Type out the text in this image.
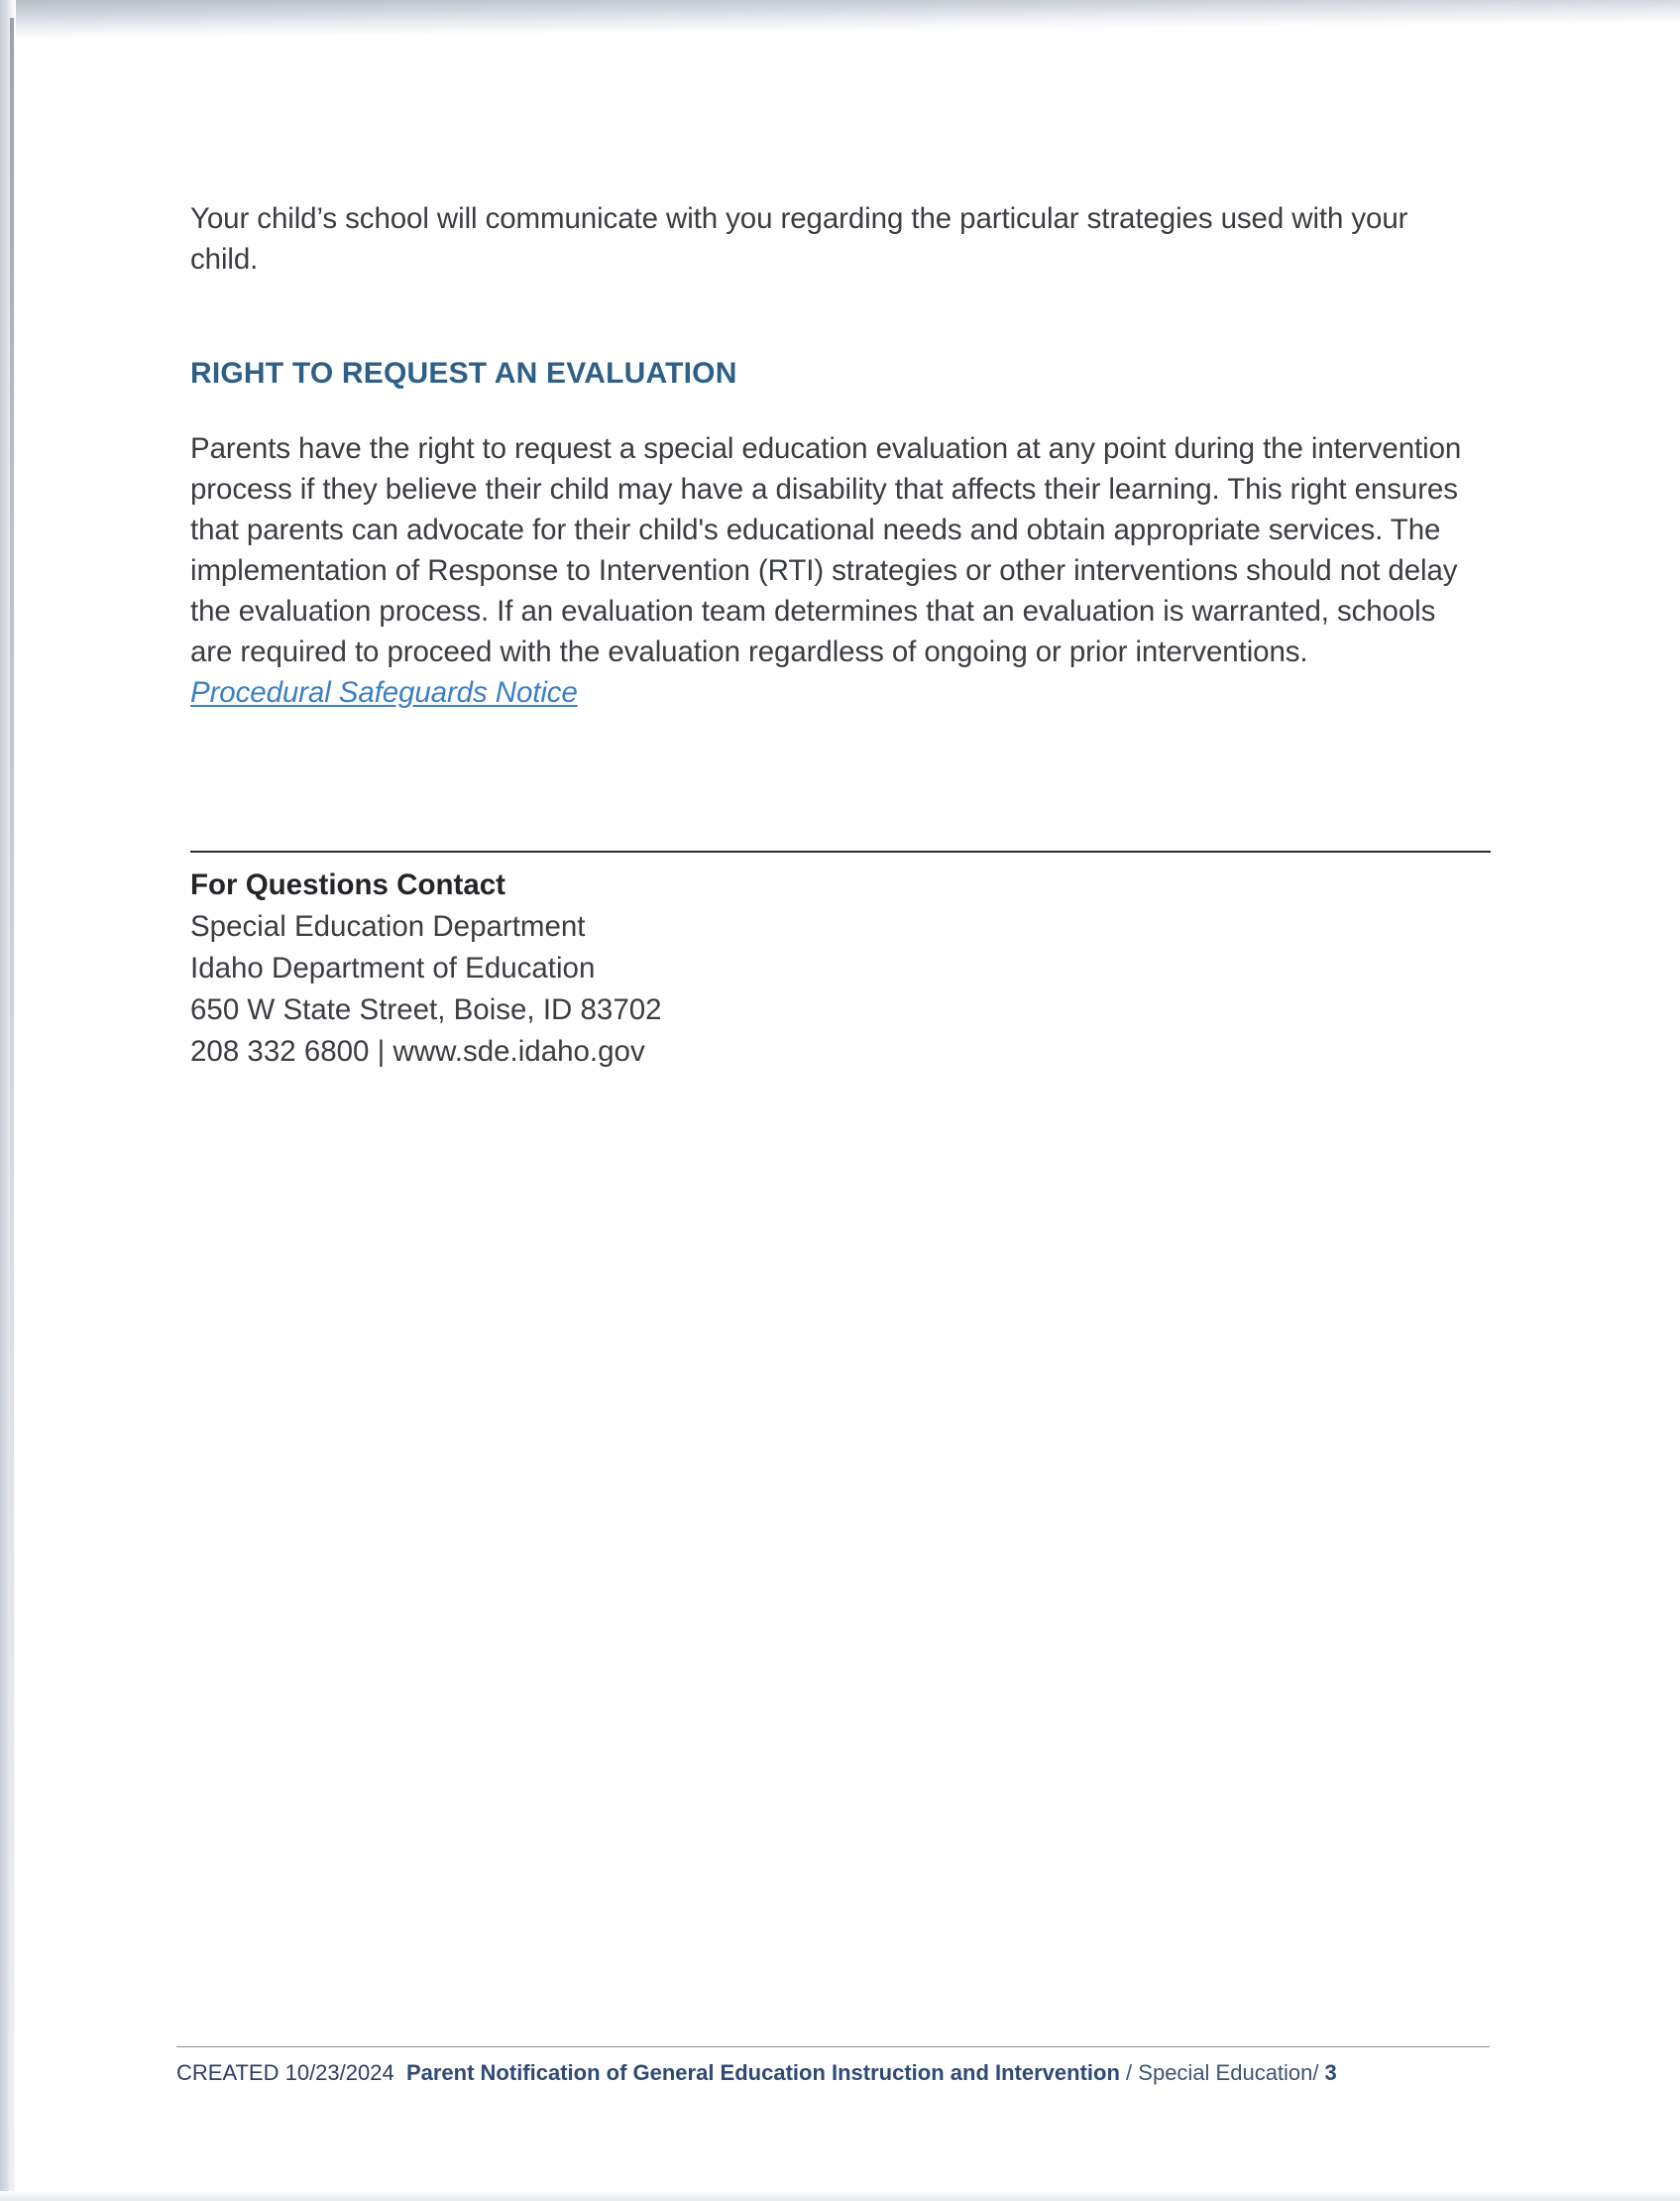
Your child’s school will communicate with you regarding the particular strategies used with your child.

RIGHT TO REQUEST AN EVALUATION

Parents have the right to request a special education evaluation at any point during the intervention process if they believe their child may have a disability that affects their learning. This right ensures that parents can advocate for their child's educational needs and obtain appropriate services. The implementation of Response to Intervention (RTI) strategies or other interventions should not delay the evaluation process. If an evaluation team determines that an evaluation is warranted, schools are required to proceed with the evaluation regardless of ongoing or prior interventions. Procedural Safeguards Notice

For Questions Contact

Special Education Department

Idaho Department of Education

650 W State Street, Boise, ID 83702

208 332 6800 | www.sde.idaho.gov

CREATED 10/23/2024 Parent Notification of General Education Instruction and Intervention / Special Education/ 3
